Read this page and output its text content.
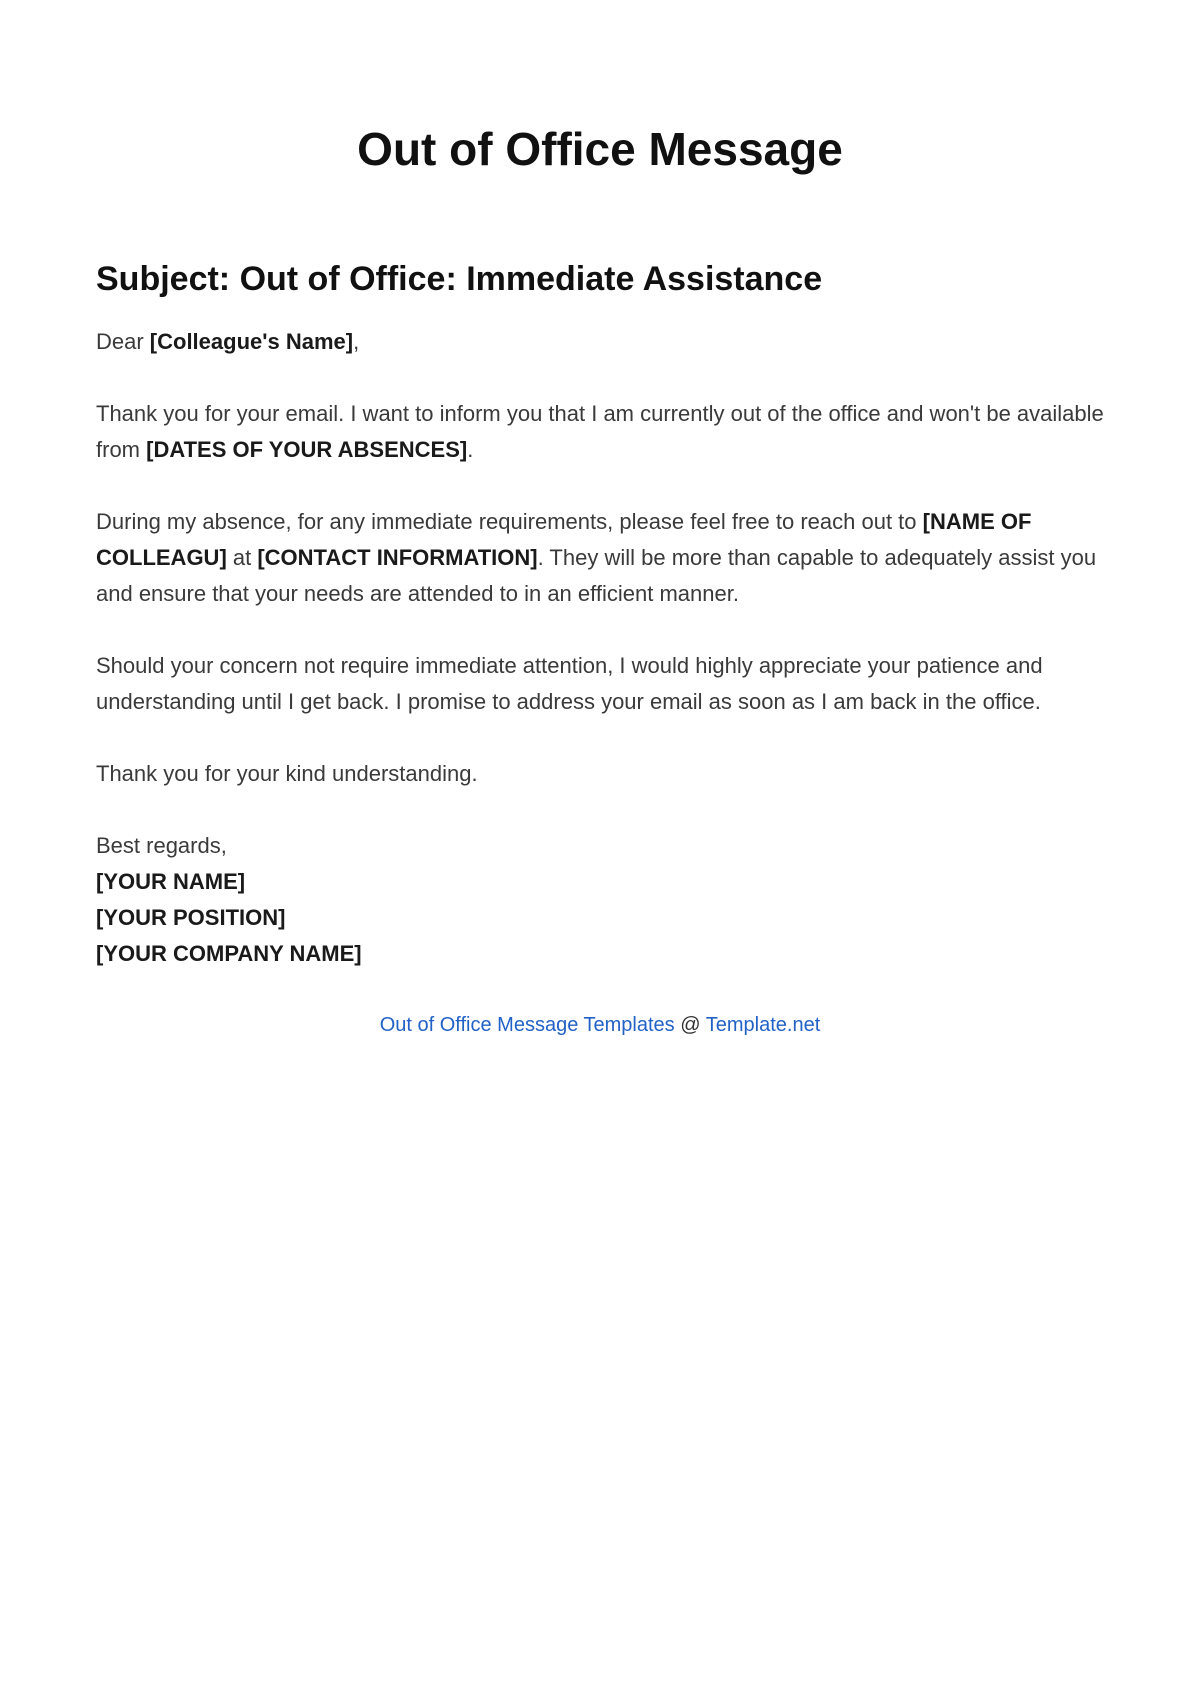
Out of Office Message
Subject: Out of Office: Immediate Assistance

Dear [Colleague's Name],

Thank you for your email. I want to inform you that I am currently out of the office and won't be available from [DATES OF YOUR ABSENCES].

During my absence, for any immediate requirements, please feel free to reach out to [NAME OF COLLEAGU] at [CONTACT INFORMATION]. They will be more than capable to adequately assist you and ensure that your needs are attended to in an efficient manner.

Should your concern not require immediate attention, I would highly appreciate your patience and understanding until I get back. I promise to address your email as soon as I am back in the office.

Thank you for your kind understanding.

Best regards,
[YOUR NAME]
[YOUR POSITION]
[YOUR COMPANY NAME]
Out of Office Message Templates @ Template.net
